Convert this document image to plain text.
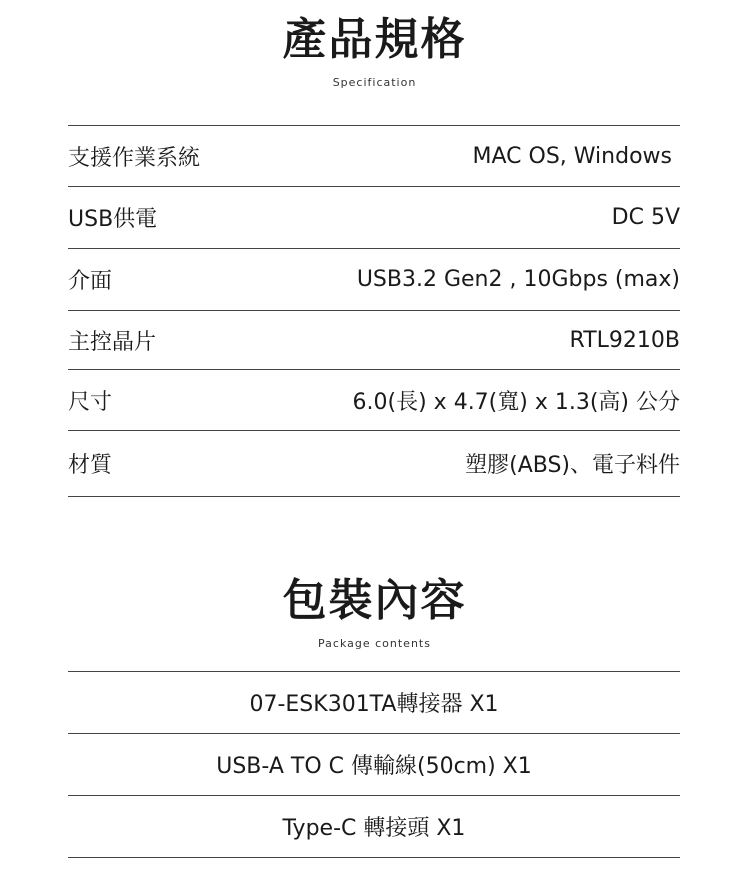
產品規格
Specification
支援作業系統	MAC OS, Windows
USB供電	DC 5V
介面	USB3.2 Gen2 , 10Gbps (max)
主控晶片	RTL9210B
尺寸	6.0(長) x 4.7(寬) x 1.3(高) 公分
材質	塑膠(ABS)、電子料件
包裝內容
Package contents
07-ESK301TA轉接器 X1
USB-A TO C 傳輸線(50cm) X1
Type-C 轉接頭 X1
